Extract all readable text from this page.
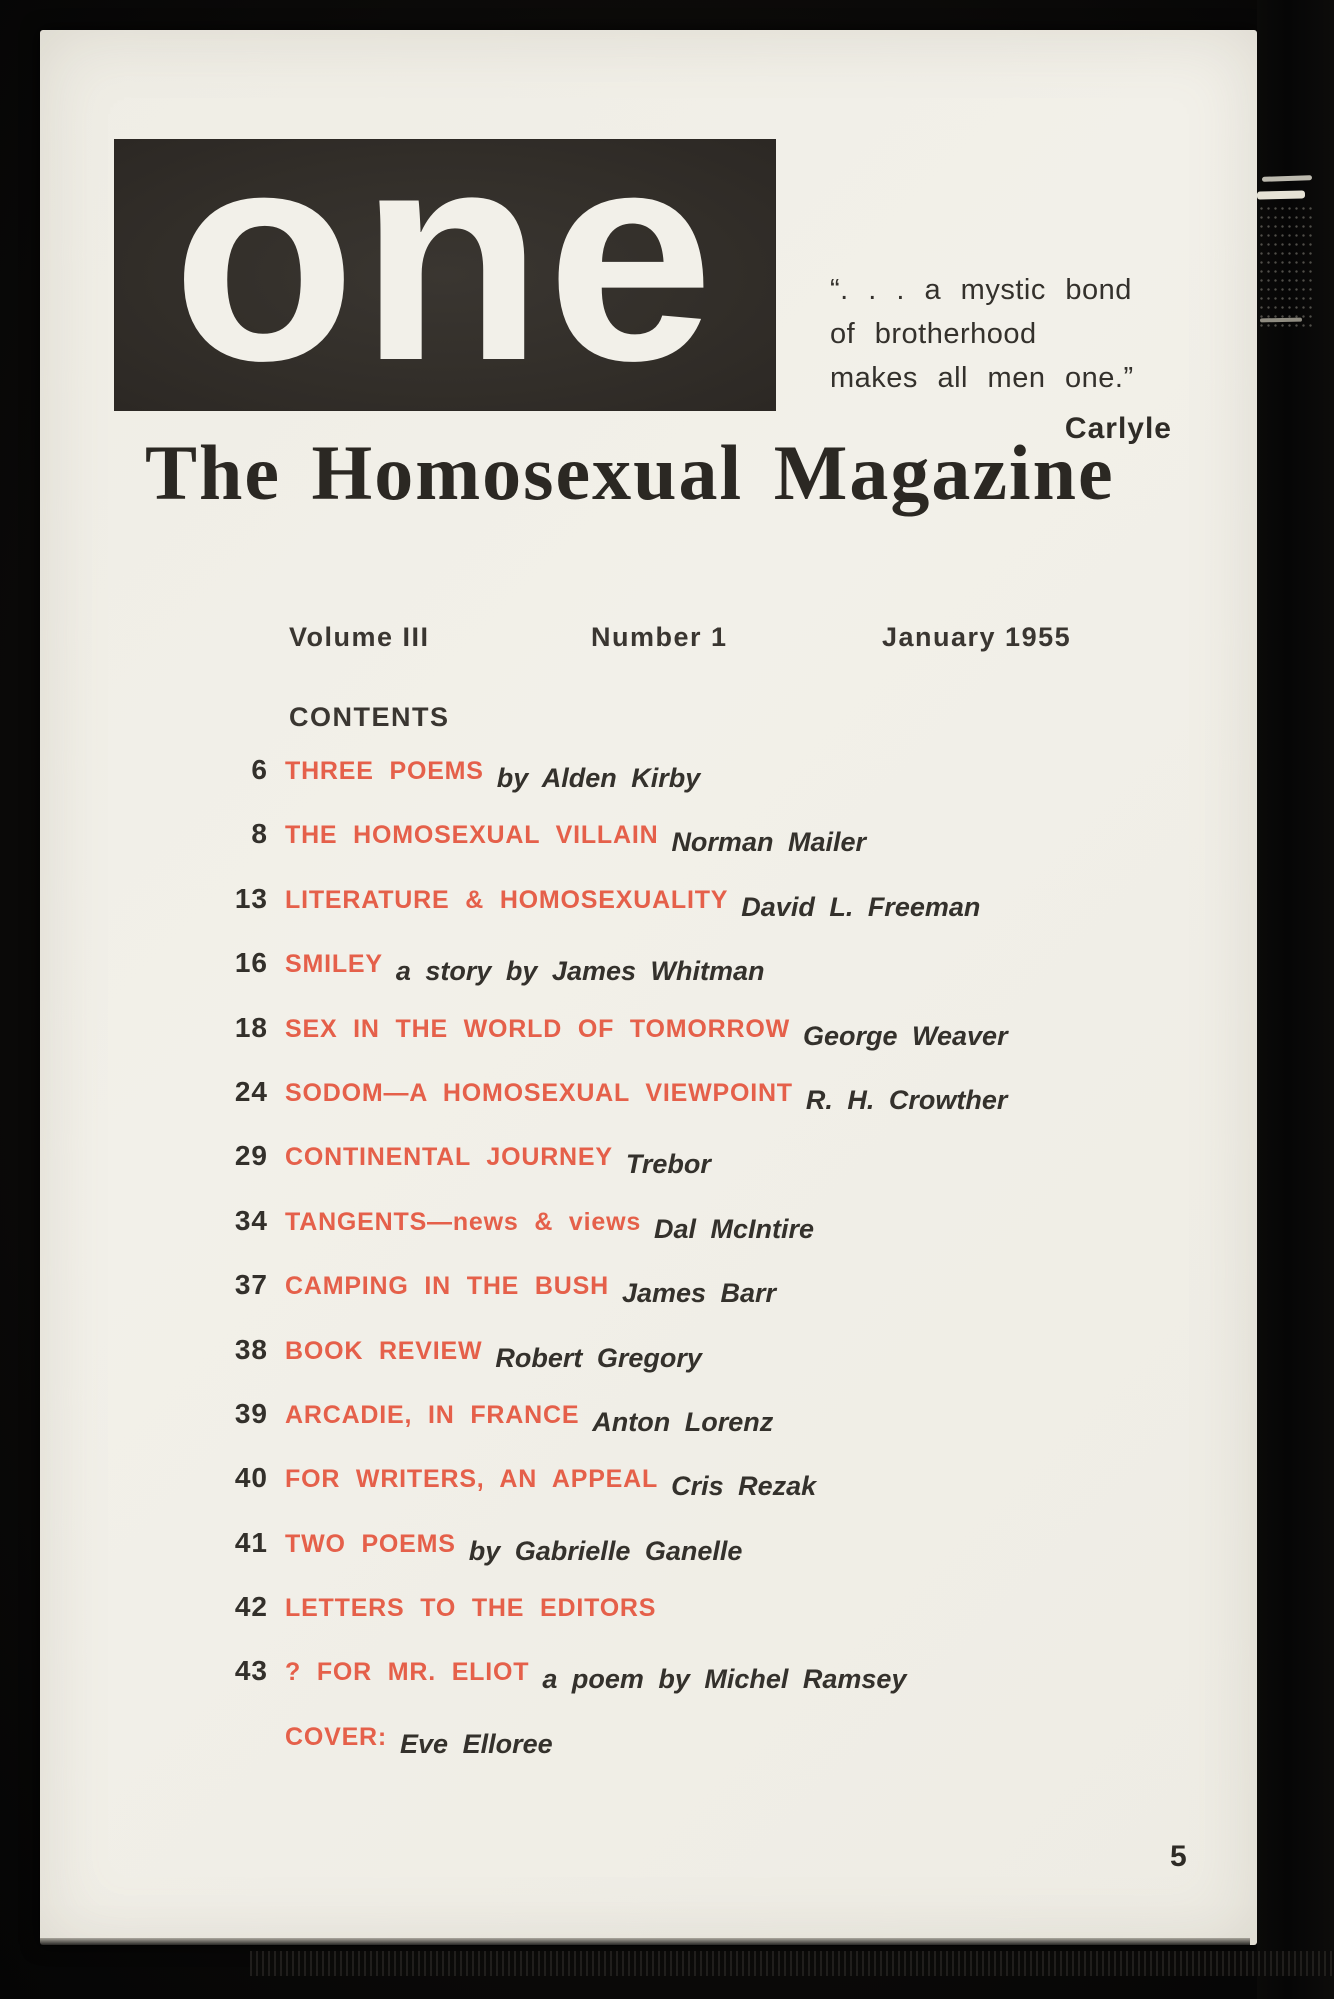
one	“. . . a mystic bond
of brotherhood
makes all men one.”
Carlyle
The Homosexual Magazine
Volume III	Number 1	January 1955
CONTENTS
6 THREE POEMS by Alden Kirby
8 THE HOMOSEXUAL VILLAIN Norman Mailer
13 LITERATURE & HOMOSEXUALITY David L. Freeman
16 SMILEY a story by James Whitman
18 SEX IN THE WORLD OF TOMORROW George Weaver
24 SODOM—A HOMOSEXUAL VIEWPOINT R. H. Crowther
29 CONTINENTAL JOURNEY Trebor
34 TANGENTS—news & views Dal McIntire
37 CAMPING IN THE BUSH James Barr
38 BOOK REVIEW Robert Gregory
39 ARCADIE, IN FRANCE Anton Lorenz
40 FOR WRITERS, AN APPEAL Cris Rezak
41 TWO POEMS by Gabrielle Ganelle
42 LETTERS TO THE EDITORS
43 ? FOR MR. ELIOT a poem by Michel Ramsey
COVER: Eve Elloree
5
